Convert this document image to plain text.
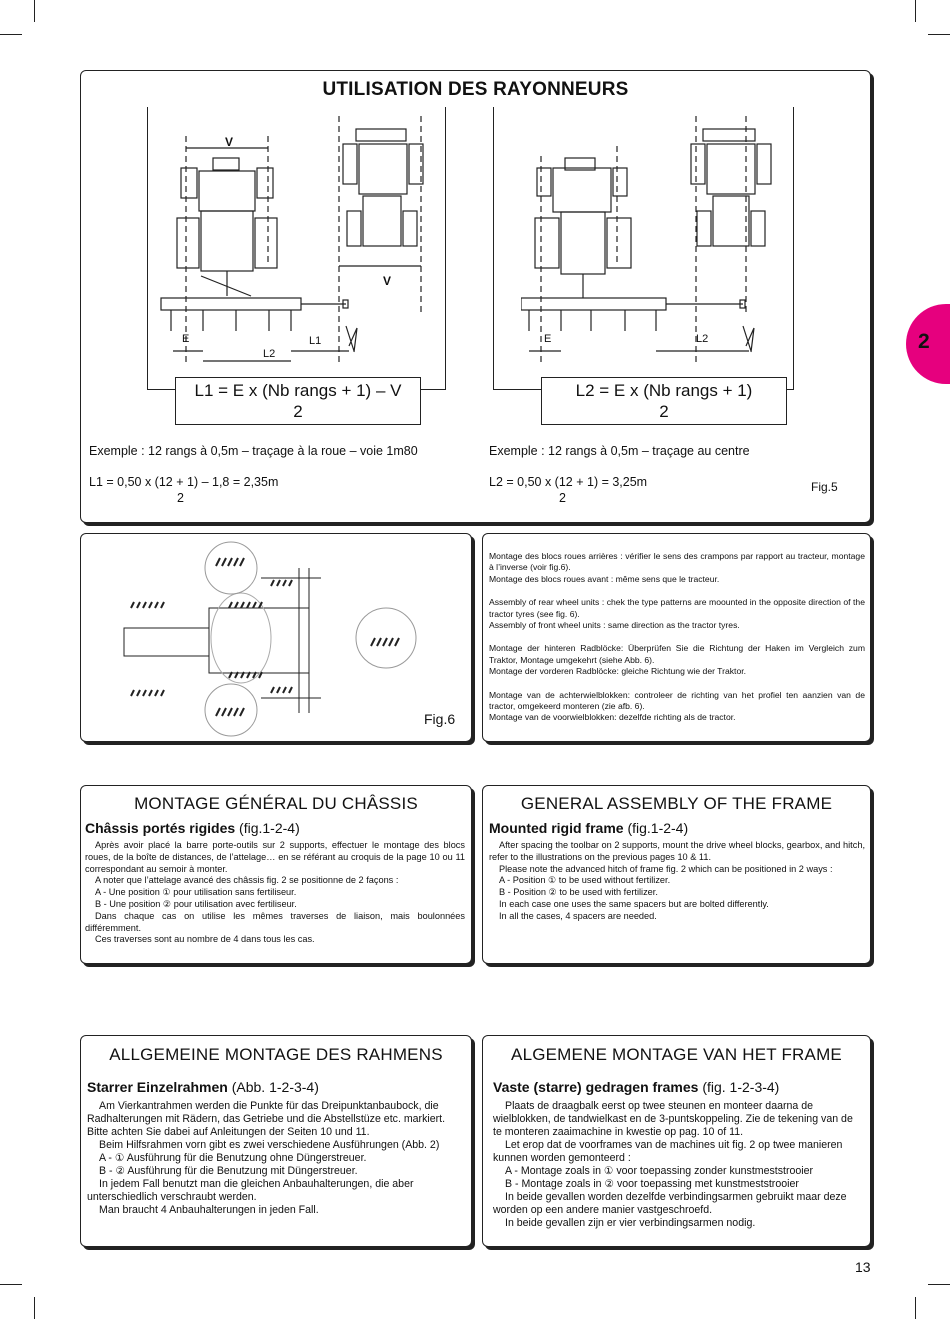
2
UTILISATION DES RAYONNEURS
V
V
E
L2
L1	E	L2
L1 = E x (Nb rangs + 1) – V
2
L2 = E x (Nb rangs + 1)
2
Exemple : 12 rangs à 0,5m – traçage à la roue – voie 1m80
L1 = 0,50 x (12 + 1) – 1,8 = 2,35m
2
Exemple : 12 rangs à 0,5m – traçage au centre
L2 = 0,50 x (12 + 1) = 3,25m
2
Fig.5
Fig.6

Montage des blocs roues arrières : vérifier le sens des crampons par rapport au tracteur, montage à l’inverse (voir fig.6).
Montage des blocs roues avant : même sens que le tracteur.

Assembly of rear wheel units : chek the type patterns are moounted in the opposite direction of the tractor tyres (see fig. 6).
Assembly of front wheel units : same direction as the tractor tyres.

Montage der hinteren Radblöcke: Überprüfen Sie die Richtung der Haken im Vergleich zum Traktor, Montage umgekehrt (siehe Abb. 6).
Montage der vorderen Radblöcke: gleiche Richtung wie der Traktor.

Montage van de achterwielblokken: controleer de richting van het profiel ten aanzien van de tractor, omgekeerd monteren (zie afb. 6).
Montage van de voorwielblokken: dezelfde richting als de tractor.

MONTAGE GÉNÉRAL DU CHÂSSIS
Châssis portés rigides (fig.1-2-4)
Après avoir placé la barre porte-outils sur 2 supports, effectuer le montage des blocs roues, de la boîte de distances, de l’attelage… en se référant au croquis de la page 10 ou 11 correspondant au semoir à monter.
A noter que l’attelage avancé des châssis fig. 2 se positionne de 2 façons :
A - Une position ① pour utilisation sans fertiliseur.
B - Une position ② pour utilisation avec fertiliseur.
Dans chaque cas on utilise les mêmes traverses de liaison, mais boulonnées différemment.
Ces traverses sont au nombre de 4 dans tous les cas.
GENERAL ASSEMBLY OF THE FRAME
Mounted rigid frame (fig.1-2-4)
After spacing the toolbar on 2 supports, mount the drive wheel blocks, gearbox, and hitch, refer to the illustrations on the previous pages 10 & 11.
Please note the advanced hitch of frame fig. 2 which can be positioned in 2 ways :
A - Position ① to be used without fertilizer.
B - Position ② to be used with fertilizer.
In each case one uses the same spacers but are bolted differently.
In all the cases, 4 spacers are needed.
ALLGEMEINE MONTAGE DES RAHMENS
Starrer Einzelrahmen (Abb. 1-2-3-4)
Am Vierkantrahmen werden die Punkte für das Dreipunktanbaubock, die Radhalterungen mit Rädern, das Getriebe und die Abstellstüze etc. markiert. Bitte achten Sie dabei auf Anleitungen der Seiten 10 und 11.
Beim Hilfsrahmen vorn gibt es zwei verschiedene Ausführungen (Abb. 2)
A - ① Ausführung für die Benutzung ohne Düngerstreuer.
B - ② Ausführung für die Benutzung mit Düngerstreuer.
In jedem Fall benutzt man die gleichen Anbauhalterungen, die aber unterschiedlich verschraubt werden.
Man braucht 4 Anbauhalterungen in jeden Fall.
ALGEMENE MONTAGE VAN HET FRAME
Vaste (starre) gedragen frames (fig. 1-2-3-4)
Plaats de draagbalk eerst op twee steunen en monteer daarna de wielblokken, de tandwielkast en de 3-puntskoppeling. Zie de tekening van de te monteren zaaimachine in kwestie op pag. 10 of 11.
Let erop dat de voorframes van de machines uit fig. 2 op twee manieren kunnen worden gemonteerd :
A - Montage zoals in ① voor toepassing zonder kunstmeststrooier
B - Montage zoals in ② voor toepassing met kunstmeststrooier
In beide gevallen worden dezelfde verbindingsarmen gebruikt maar deze worden op een andere manier vastgeschroefd.
In beide gevallen zijn er vier verbindingsarmen nodig.
13
